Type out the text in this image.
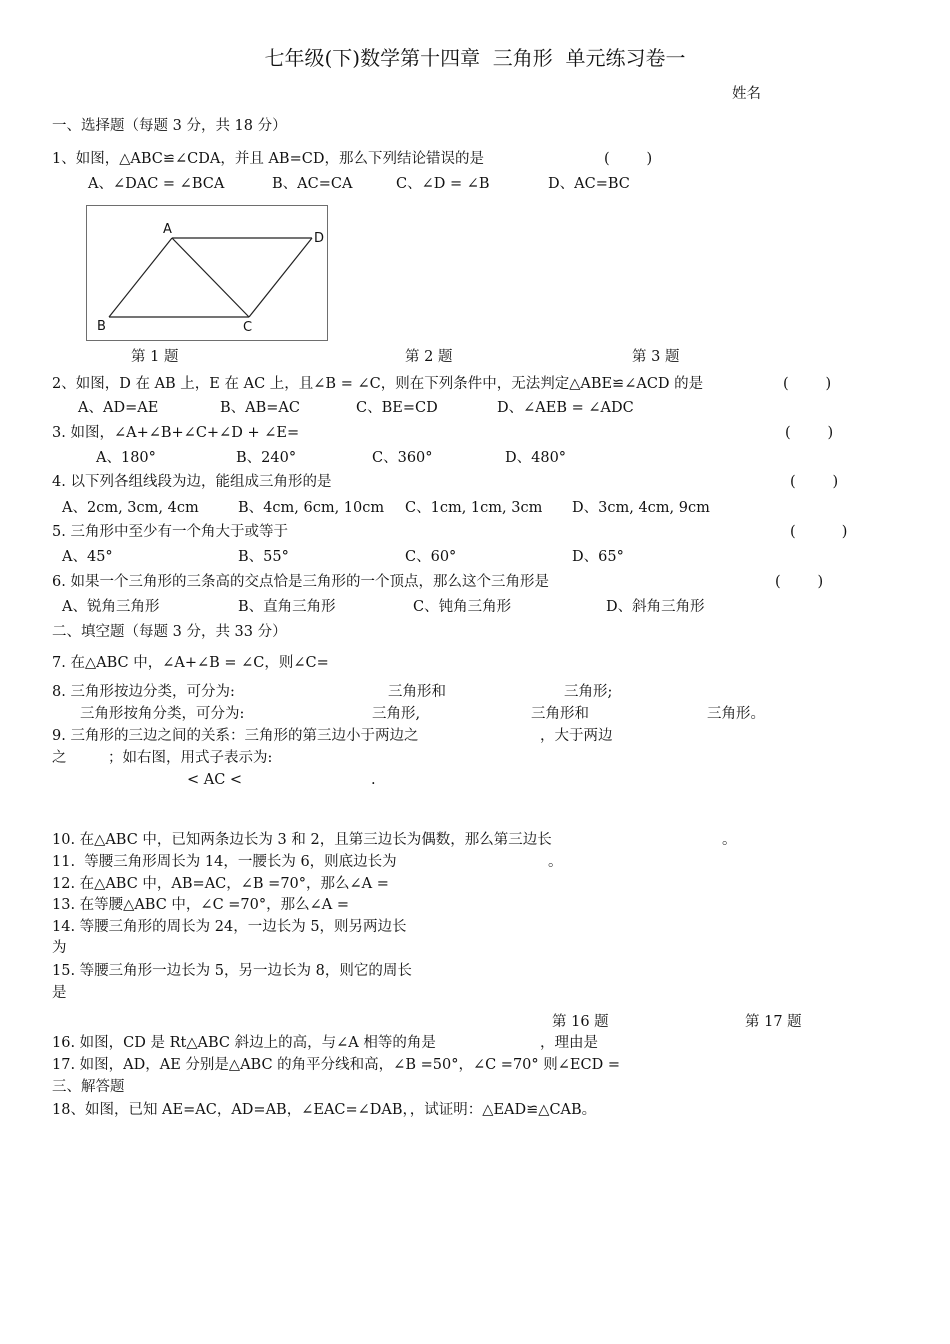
七年级(下)数学第十四章  三角形  单元练习卷一
姓名
一、选择题（每题 3 分，共 18 分）
1、如图，△ABC≌∠CDA，并且 AB=CD，那么下列结论错误的是	(        )
A、∠DAC = ∠BCA	B、AC=CA	C、∠D = ∠B	D、AC=BC
A
D
B	C
第 1 题	第 2 题	第 3 题
2、如图，D 在 AB 上，E 在 AC 上，且∠B = ∠C，则在下列条件中，无法判定△ABE≌∠ACD 的是	(        )
A、AD=AE	B、AB=AC	C、BE=CD	D、∠AEB = ∠ADC
3. 如图，∠A+∠B+∠C+∠D + ∠E=	(        )
A、180°	B、240°	C、360°	D、480°
4. 以下列各组线段为边，能组成三角形的是	(        )
A、2cm, 3cm, 4cm	B、4cm, 6cm, 10cm C、1cm, 1cm, 3cm D、3cm, 4cm, 9cm
5. 三角形中至少有一个角大于或等于	(          )
A、45°	B、55°	C、60°	D、65°
6. 如果一个三角形的三条高的交点恰是三角形的一个顶点，那么这个三角形是	(        )
A、锐角三角形	B、直角三角形	C、钝角三角形	D、斜角三角形
二、填空题（每题 3 分，共 33 分）
7. 在△ABC 中，∠A+∠B = ∠C，则∠C=
8. 三角形按边分类，可分为:	三角形和	三角形;
三角形按角分类，可分为:	三角形,	三角形和	三角形。
9. 三角形的三边之间的关系：三角形的第三边小于两边之	，大于两边
之         ；如右图，用式子表示为:
< AC <	.
10. 在△ABC 中，已知两条边长为 3 和 2，且第三边长为偶数，那么第三边长	。
11.  等腰三角形周长为 14，一腰长为 6，则底边长为	。
12. 在△ABC 中，AB=AC，∠B =70°，那么∠A =
13. 在等腰△ABC 中，∠C =70°，那么∠A =
14. 等腰三角形的周长为 24，一边长为 5，则另两边长
为
15. 等腰三角形一边长为 5，另一边长为 8，则它的周长
是
第 16 题	第 17 题
16. 如图，CD 是 Rt△ABC 斜边上的高，与∠A 相等的角是	，理由是
17. 如图，AD，AE 分别是△ABC 的角平分线和高，∠B =50°，∠C =70° 则∠ECD =
三、解答题
18、如图，已知 AE=AC，AD=AB，∠EAC=∠DAB，，试证明：△EAD≌△CAB。
